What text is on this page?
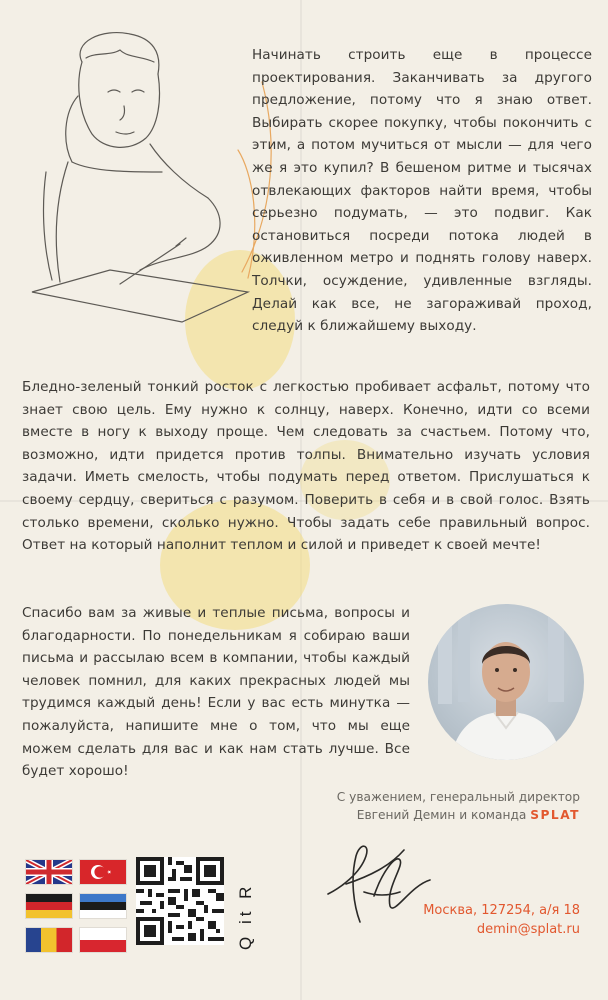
Начинать строить еще в процессе проектирования. Заканчивать за другого предложение, потому что я знаю ответ. Выбирать скорее покупку, чтобы покончить с этим, а потом мучиться от мысли — для чего же я это купил? В бешеном ритме и тысячах отвлекающих факторов найти время, чтобы серьезно подумать, — это подвиг. Как остановиться посреди потока людей в оживленном метро и поднять голову наверх. Толчки, осуждение, удивленные взгляды. Делай как все, не загораживай проход, следуй к ближайшему выходу.
Бледно-зеленый тонкий росток с легкостью пробивает асфальт, потому что знает свою цель. Ему нужно к солнцу, наверх. Конечно, идти со всеми вместе в ногу к выходу проще. Чем следовать за счастьем. Потому что, возможно, идти придется против толпы. Внимательно изучать условия задачи. Иметь смелость, чтобы подумать перед ответом. Прислушаться к своему сердцу, свериться с разумом. Поверить в себя и в свой голос. Взять столько времени, сколько нужно. Чтобы задать себе правильный вопрос. Ответ на который наполнит теплом и силой и приведет к своей мечте!
Спасибо вам за живые и теплые письма, вопросы и благодарности. По понедельникам я собираю ваши письма и рассылаю всем в компании, чтобы каждый человек помнил, для каких прекрасных людей мы трудимся каждый день! Если у вас есть минутка — пожалуйста, напишите мне о том, что мы еще можем сделать для вас и как нам стать лучше. Все будет хорошо!
С уважением, генеральный директор
Евгений Демин и команда SPLAT
Москва, 127254, а/я 18
demin@splat.ru
Q it R
